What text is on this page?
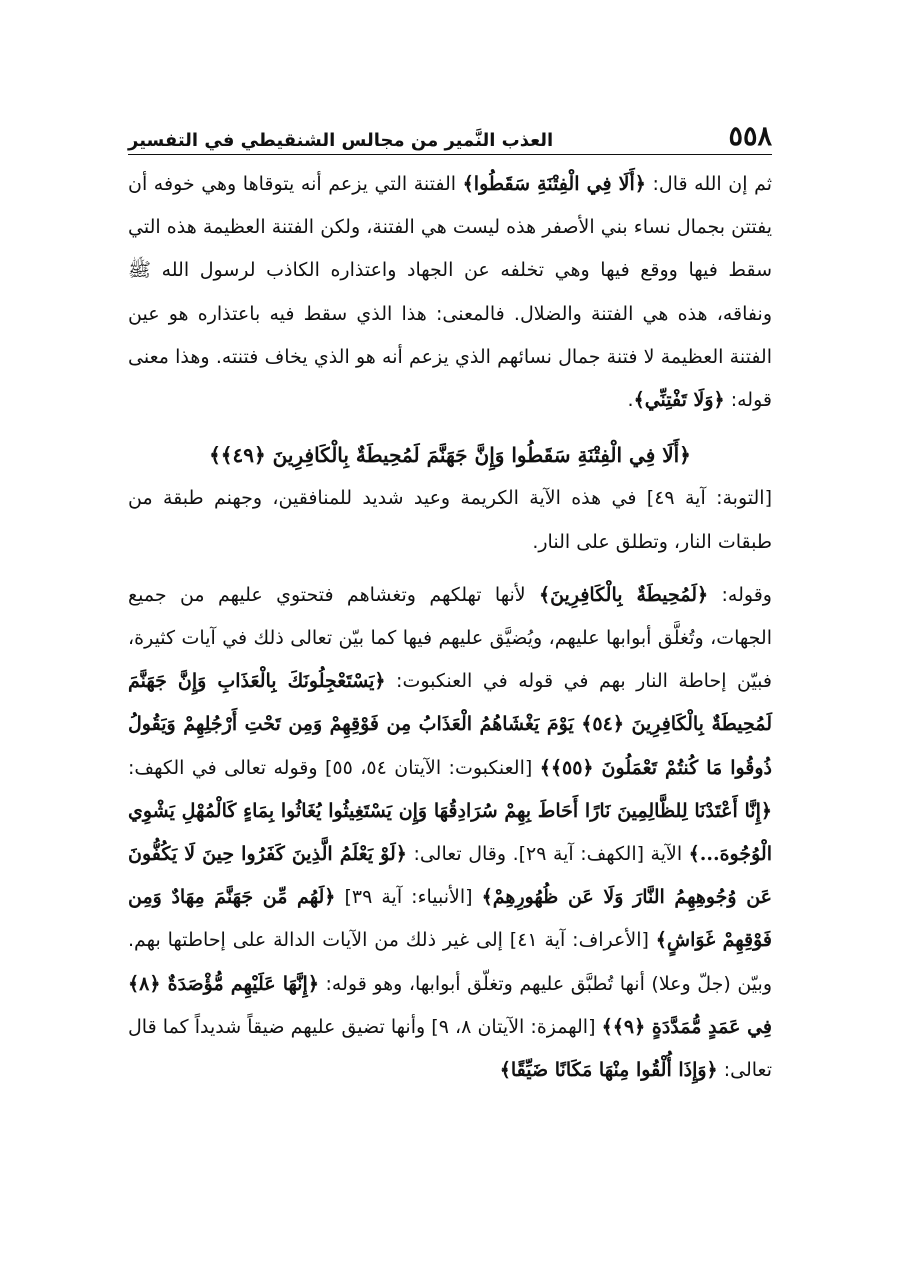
٥٥٨
العذب النَّمير من مجالس الشنقيطي في التفسير

ثم إن الله قال: ﴿أَلَا فِي الْفِتْنَةِ سَقَطُوا﴾ الفتنة التي يزعم أنه يتوقاها وهي خوفه أن يفتتن بجمال نساء بني الأصفر هذه ليست هي الفتنة، ولكن الفتنة العظيمة هذه التي سقط فيها ووقع فيها وهي تخلفه عن الجهاد واعتذاره الكاذب لرسول الله ﷺ ونفاقه، هذه هي الفتنة والضلال. فالمعنى: هذا الذي سقط فيه باعتذاره هو عين الفتنة العظيمة لا فتنة جمال نسائهم الذي يزعم أنه هو الذي يخاف فتنته. وهذا معنى قوله: ﴿وَلَا تَفْتِنِّي﴾.

﴿أَلَا فِي الْفِتْنَةِ سَقَطُوا وَإِنَّ جَهَنَّمَ لَمُحِيطَةٌ بِالْكَافِرِينَ ﴿٤٩﴾﴾

[التوبة: آية ٤٩] في هذه الآية الكريمة وعيد شديد للمنافقين، وجهنم طبقة من طبقات النار، وتطلق على النار.

وقوله: ﴿لَمُحِيطَةٌ بِالْكَافِرِينَ﴾ لأنها تهلكهم وتغشاهم فتحتوي عليهم من جميع الجهات، وتُغلَّق أبوابها عليهم، ويُضيَّق عليهم فيها كما بيّن تعالى ذلك في آيات كثيرة، فبيّن إحاطة النار بهم في قوله في العنكبوت: ﴿يَسْتَعْجِلُونَكَ بِالْعَذَابِ وَإِنَّ جَهَنَّمَ لَمُحِيطَةٌ بِالْكَافِرِينَ ﴿٥٤﴾ يَوْمَ يَغْشَاهُمُ الْعَذَابُ مِن فَوْقِهِمْ وَمِن تَحْتِ أَرْجُلِهِمْ وَيَقُولُ ذُوقُوا مَا كُنتُمْ تَعْمَلُونَ ﴿٥٥﴾﴾ [العنكبوت: الآيتان ٥٤، ٥٥] وقوله تعالى في الكهف: ﴿إِنَّا أَعْتَدْنَا لِلظَّالِمِينَ نَارًا أَحَاطَ بِهِمْ سُرَادِقُهَا وَإِن يَسْتَغِيثُوا يُغَاثُوا بِمَاءٍ كَالْمُهْلِ يَشْوِي الْوُجُوهَ...﴾ الآية [الكهف: آية ٢٩]. وقال تعالى: ﴿لَوْ يَعْلَمُ الَّذِينَ كَفَرُوا حِينَ لَا يَكُفُّونَ عَن وُجُوهِهِمُ النَّارَ وَلَا عَن ظُهُورِهِمْ﴾ [الأنبياء: آية ٣٩] ﴿لَهُم مِّن جَهَنَّمَ مِهَادٌ وَمِن فَوْقِهِمْ غَوَاشٍ﴾ [الأعراف: آية ٤١] إلى غير ذلك من الآيات الدالة على إحاطتها بهم. وبيّن (جلّ وعلا) أنها تُطبَّق عليهم وتغلّق أبوابها، وهو قوله: ﴿إِنَّهَا عَلَيْهِم مُّؤْصَدَةٌ ﴿٨﴾ فِي عَمَدٍ مُّمَدَّدَةٍ ﴿٩﴾﴾ [الهمزة: الآيتان ٨، ٩] وأنها تضيق عليهم ضيقاً شديداً كما قال تعالى: ﴿وَإِذَا أُلْقُوا مِنْهَا مَكَانًا ضَيِّقًا﴾
